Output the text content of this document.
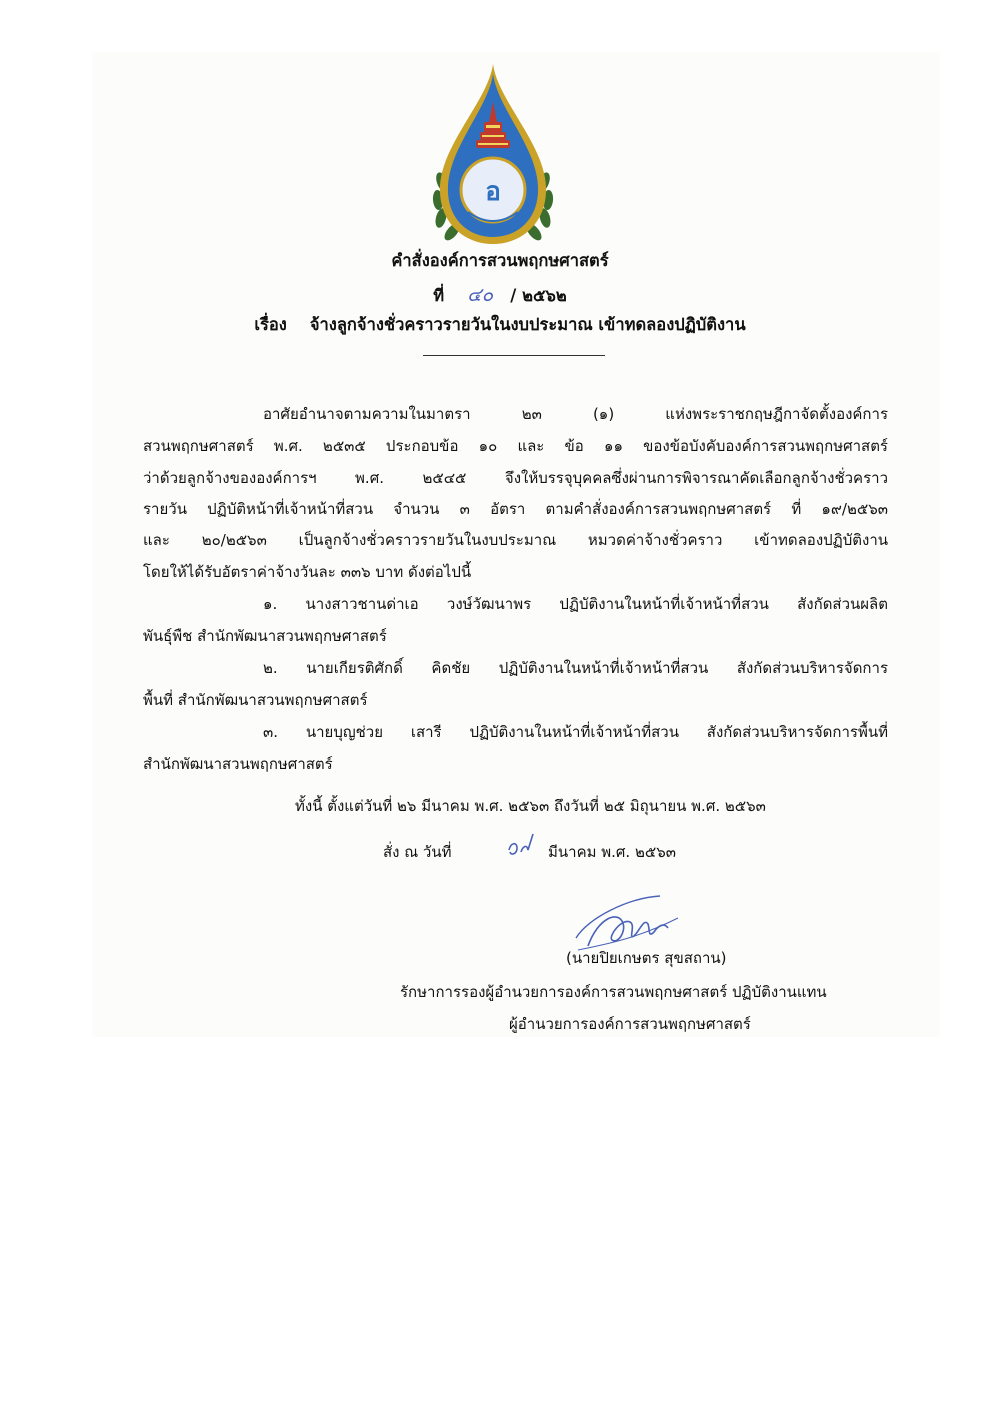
อ
คำสั่งองค์การสวนพฤกษศาสตร์
ที่ ๔๐ / ๒๕๖๒
เรื่อง จ้างลูกจ้างชั่วคราวรายวันในงบประมาณ เข้าทดลองปฏิบัติงาน
อาศัยอำนาจตามความในมาตรา ๒๓ (๑) แห่งพระราชกฤษฎีกาจัดตั้งองค์การ
สวนพฤกษศาสตร์ พ.ศ. ๒๕๓๕ ประกอบข้อ ๑๐ และ ข้อ ๑๑ ของข้อบังคับองค์การสวนพฤกษศาสตร์
ว่าด้วยลูกจ้างขององค์การฯ พ.ศ. ๒๕๔๕ จึงให้บรรจุบุคคลซึ่งผ่านการพิจารณาคัดเลือกลูกจ้างชั่วคราว
รายวัน ปฏิบัติหน้าที่เจ้าหน้าที่สวน จำนวน ๓ อัตรา ตามคำสั่งองค์การสวนพฤกษศาสตร์ ที่ ๑๙/๒๕๖๓
และ ๒๐/๒๕๖๓ เป็นลูกจ้างชั่วคราวรายวันในงบประมาณ หมวดค่าจ้างชั่วคราว เข้าทดลองปฏิบัติงาน
โดยให้ได้รับอัตราค่าจ้างวันละ ๓๓๖ บาท ดังต่อไปนี้
๑. นางสาวชานด่าเอ วงษ์วัฒนาพร ปฏิบัติงานในหน้าที่เจ้าหน้าที่สวน สังกัดส่วนผลิต
พันธุ์พืช สำนักพัฒนาสวนพฤกษศาสตร์
๒. นายเกียรติศักดิ์ คิดชัย ปฏิบัติงานในหน้าที่เจ้าหน้าที่สวน สังกัดส่วนบริหารจัดการ
พื้นที่ สำนักพัฒนาสวนพฤกษศาสตร์
๓. นายบุญช่วย เสารี ปฏิบัติงานในหน้าที่เจ้าหน้าที่สวน สังกัดส่วนบริหารจัดการพื้นที่
สำนักพัฒนาสวนพฤกษศาสตร์
ทั้งนี้ ตั้งแต่วันที่ ๒๖ มีนาคม พ.ศ. ๒๕๖๓ ถึงวันที่ ๒๕ มิถุนายน พ.ศ. ๒๕๖๓
สั่ง ณ วันที่	มีนาคม พ.ศ. ๒๕๖๓
(นายปิยเกษตร สุขสถาน)
รักษาการรองผู้อำนวยการองค์การสวนพฤกษศาสตร์ ปฏิบัติงานแทน
ผู้อำนวยการองค์การสวนพฤกษศาสตร์
